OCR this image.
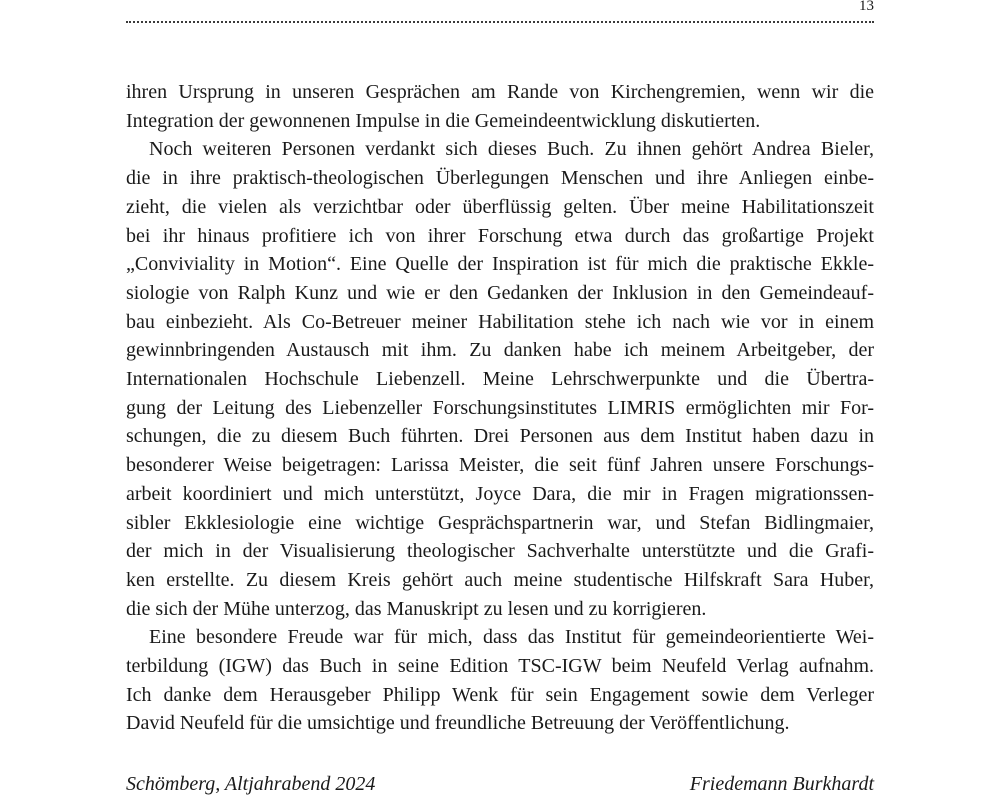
13

ihren Ursprung in unseren Gesprächen am Rande von Kirchengremien, wenn wir die

Integration der gewonnenen Impulse in die Gemeindeentwicklung diskutierten.

Noch weiteren Personen verdankt sich dieses Buch. Zu ihnen gehört Andrea Bieler,

die in ihre praktisch-theologischen Überlegungen Menschen und ihre Anliegen einbe-

zieht, die vielen als verzichtbar oder überflüssig gelten. Über meine Habilitationszeit

bei ihr hinaus profitiere ich von ihrer Forschung etwa durch das großartige Projekt

„Conviviality in Motion“. Eine Quelle der Inspiration ist für mich die praktische Ekkle-

siologie von Ralph Kunz und wie er den Gedanken der Inklusion in den Gemeindeauf-

bau einbezieht. Als Co-Betreuer meiner Habilitation stehe ich nach wie vor in einem

gewinnbringenden Austausch mit ihm. Zu danken habe ich meinem Arbeitgeber, der

Internationalen Hochschule Liebenzell. Meine Lehrschwerpunkte und die Übertra-

gung der Leitung des Liebenzeller Forschungsinstitutes LIMRIS ermöglichten mir For-

schungen, die zu diesem Buch führten. Drei Personen aus dem Institut haben dazu in

besonderer Weise beigetragen: Larissa Meister, die seit fünf Jahren unsere Forschungs-

arbeit koordiniert und mich unterstützt, Joyce Dara, die mir in Fragen migrationssen-

sibler Ekklesiologie eine wichtige Gesprächspartnerin war, und Stefan Bidlingmaier,

der mich in der Visualisierung theologischer Sachverhalte unterstützte und die Grafi-

ken erstellte. Zu diesem Kreis gehört auch meine studentische Hilfskraft Sara Huber,

die sich der Mühe unterzog, das Manuskript zu lesen und zu korrigieren.

Eine besondere Freude war für mich, dass das Institut für gemeindeorientierte Wei-

terbildung (IGW) das Buch in seine Edition TSC-IGW beim Neufeld Verlag aufnahm.

Ich danke dem Herausgeber Philipp Wenk für sein Engagement sowie dem Verleger

David Neufeld für die umsichtige und freundliche Betreuung der Veröffentlichung.

Schömberg, Altjahrabend 2024	Friedemann Burkhardt
